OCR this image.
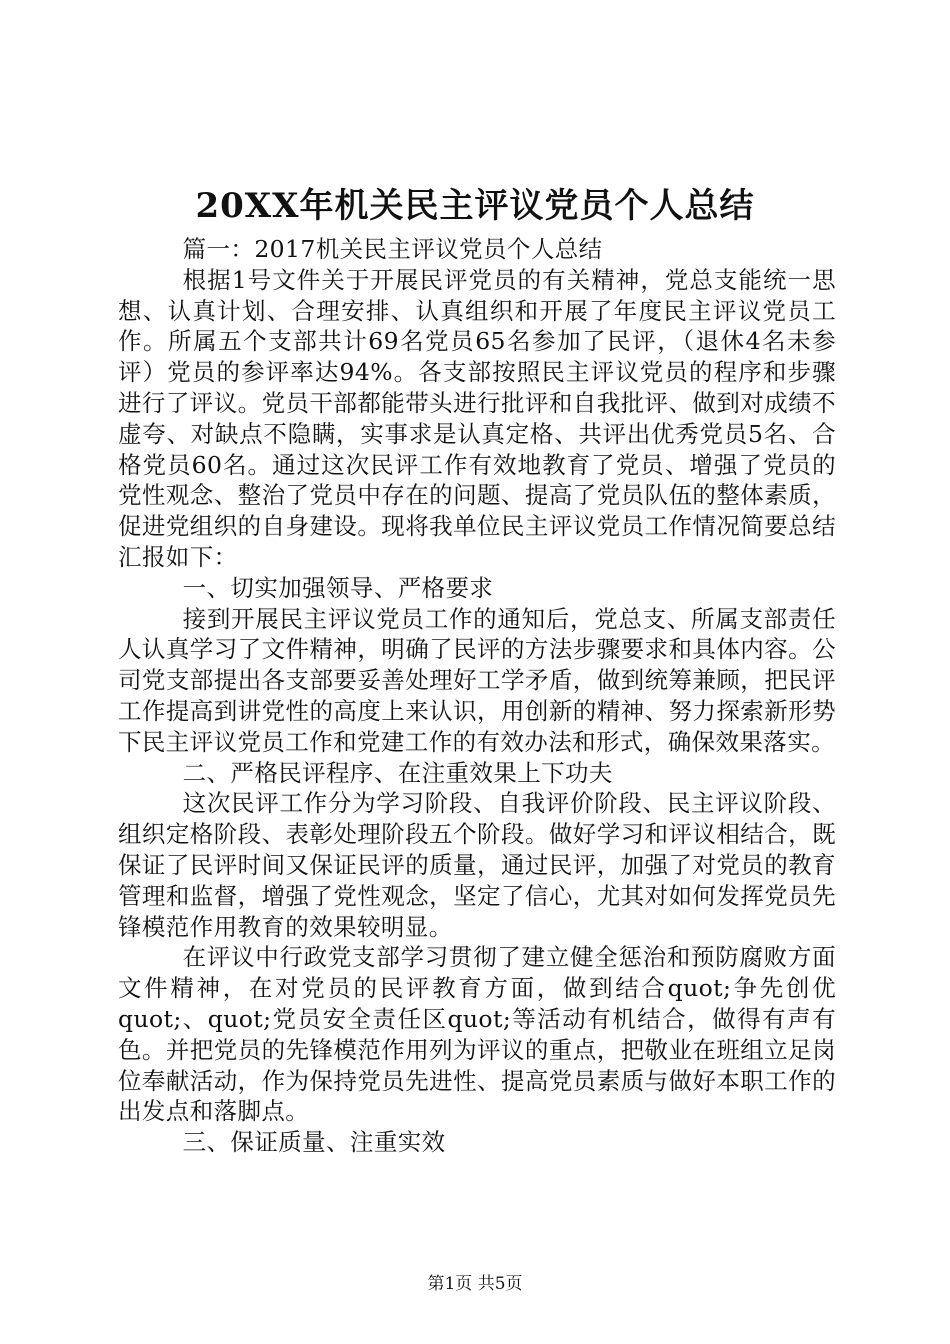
20XX年机关民主评议党员个人总结

篇一：2017机关民主评议党员个人总结

根据1号文件关于开展民评党员的有关精神，党总支能统一思想、认真计划、合理安排、认真组织和开展了年度民主评议党员工作。所属五个支部共计69名党员65名参加了民评，（退休4名未参评）党员的参评率达94%。各支部按照民主评议党员的程序和步骤进行了评议。党员干部都能带头进行批评和自我批评、做到对成绩不虚夸、对缺点不隐瞒，实事求是认真定格、共评出优秀党员5名、合格党员60名。通过这次民评工作有效地教育了党员、增强了党员的党性观念、整治了党员中存在的问题、提高了党员队伍的整体素质，促进党组织的自身建设。现将我单位民主评议党员工作情况简要总结汇报如下：

一、切实加强领导、严格要求

接到开展民主评议党员工作的通知后，党总支、所属支部责任人认真学习了文件精神，明确了民评的方法步骤要求和具体内容。公司党支部提出各支部要妥善处理好工学矛盾，做到统筹兼顾，把民评工作提高到讲党性的高度上来认识，用创新的精神、努力探索新形势下民主评议党员工作和党建工作的有效办法和形式，确保效果落实。

二、严格民评程序、在注重效果上下功夫

这次民评工作分为学习阶段、自我评价阶段、民主评议阶段、组织定格阶段、表彰处理阶段五个阶段。做好学习和评议相结合，既保证了民评时间又保证民评的质量，通过民评，加强了对党员的教育管理和监督，增强了党性观念，坚定了信心，尤其对如何发挥党员先锋模范作用教育的效果较明显。

在评议中行政党支部学习贯彻了建立健全惩治和预防腐败方面文件精神，在对党员的民评教育方面，做到结合quot;争先创优quot;、quot;党员安全责任区quot;等活动有机结合，做得有声有色。并把党员的先锋模范作用列为评议的重点，把敬业在班组立足岗位奉献活动，作为保持党员先进性、提高党员素质与做好本职工作的出发点和落脚点。

三、保证质量、注重实效

第1页 共5页
